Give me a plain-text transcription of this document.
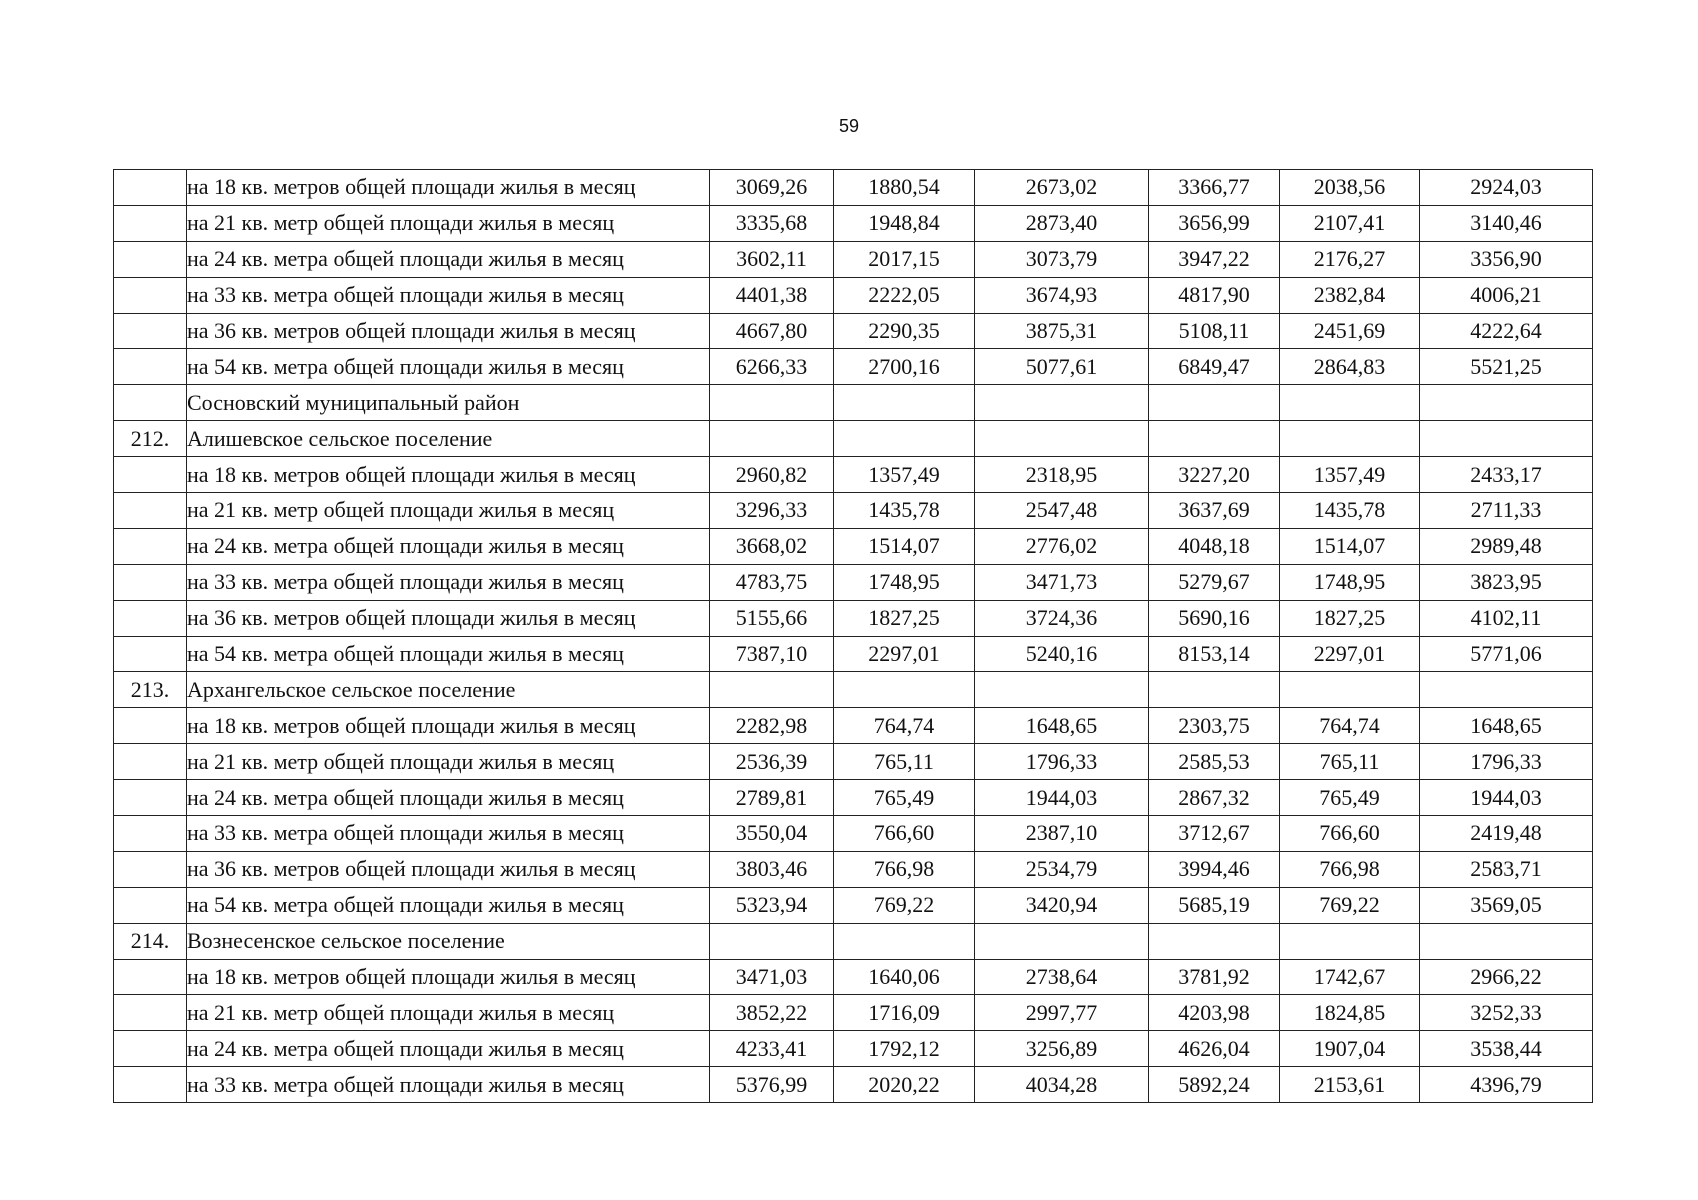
59
	на 18 кв. метров общей площади жилья в месяц	3069,26	1880,54	2673,02	3366,77	2038,56	2924,03
	на 21 кв. метр общей площади жилья в месяц	3335,68	1948,84	2873,40	3656,99	2107,41	3140,46
	на 24 кв. метра общей площади жилья в месяц	3602,11	2017,15	3073,79	3947,22	2176,27	3356,90
	на 33 кв. метра общей площади жилья в месяц	4401,38	2222,05	3674,93	4817,90	2382,84	4006,21
	на 36 кв. метров общей площади жилья в месяц	4667,80	2290,35	3875,31	5108,11	2451,69	4222,64
	на 54 кв. метра общей площади жилья в месяц	6266,33	2700,16	5077,61	6849,47	2864,83	5521,25
	Сосновский муниципальный район						
212.	Алишевское сельское поселение						
	на 18 кв. метров общей площади жилья в месяц	2960,82	1357,49	2318,95	3227,20	1357,49	2433,17
	на 21 кв. метр общей площади жилья в месяц	3296,33	1435,78	2547,48	3637,69	1435,78	2711,33
	на 24 кв. метра общей площади жилья в месяц	3668,02	1514,07	2776,02	4048,18	1514,07	2989,48
	на 33 кв. метра общей площади жилья в месяц	4783,75	1748,95	3471,73	5279,67	1748,95	3823,95
	на 36 кв. метров общей площади жилья в месяц	5155,66	1827,25	3724,36	5690,16	1827,25	4102,11
	на 54 кв. метра общей площади жилья в месяц	7387,10	2297,01	5240,16	8153,14	2297,01	5771,06
213.	Архангельское сельское поселение						
	на 18 кв. метров общей площади жилья в месяц	2282,98	764,74	1648,65	2303,75	764,74	1648,65
	на 21 кв. метр общей площади жилья в месяц	2536,39	765,11	1796,33	2585,53	765,11	1796,33
	на 24 кв. метра общей площади жилья в месяц	2789,81	765,49	1944,03	2867,32	765,49	1944,03
	на 33 кв. метра общей площади жилья в месяц	3550,04	766,60	2387,10	3712,67	766,60	2419,48
	на 36 кв. метров общей площади жилья в месяц	3803,46	766,98	2534,79	3994,46	766,98	2583,71
	на 54 кв. метра общей площади жилья в месяц	5323,94	769,22	3420,94	5685,19	769,22	3569,05
214.	Вознесенское сельское поселение						
	на 18 кв. метров общей площади жилья в месяц	3471,03	1640,06	2738,64	3781,92	1742,67	2966,22
	на 21 кв. метр общей площади жилья в месяц	3852,22	1716,09	2997,77	4203,98	1824,85	3252,33
	на 24 кв. метра общей площади жилья в месяц	4233,41	1792,12	3256,89	4626,04	1907,04	3538,44
	на 33 кв. метра общей площади жилья в месяц	5376,99	2020,22	4034,28	5892,24	2153,61	4396,79
